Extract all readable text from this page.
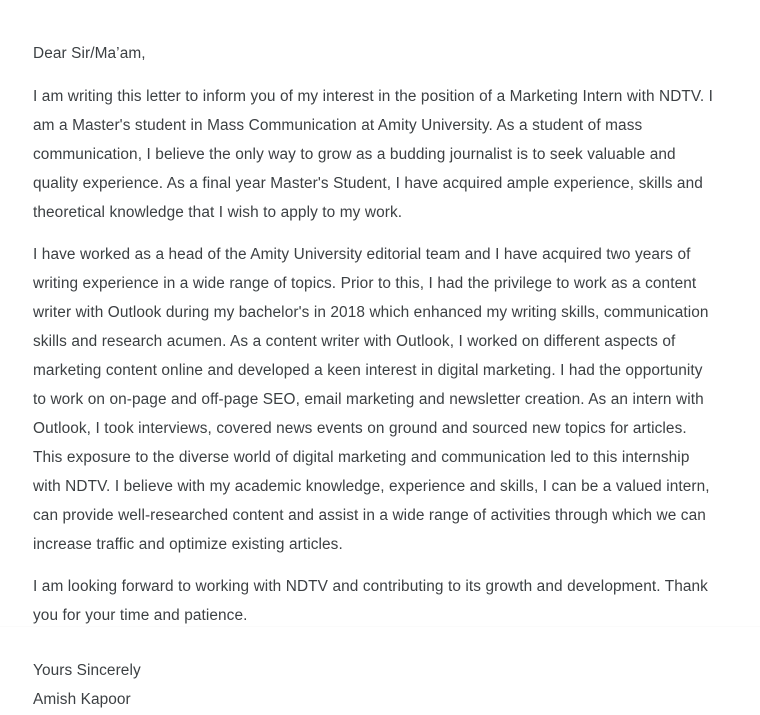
Dear Sir/Ma’am,

I am writing this letter to inform you of my interest in the position of a Marketing Intern with NDTV. I am a Master's student in Mass Communication at Amity University. As a student of mass communication, I believe the only way to grow as a budding journalist is to seek valuable and quality experience. As a final year Master's Student, I have acquired ample experience, skills and  theoretical knowledge that I wish to apply to my work.

I have worked as a head of the Amity University editorial team and I have acquired two years of writing experience in a wide range of topics. Prior to this, I had the privilege to work as a content writer with Outlook during my bachelor's in 2018 which enhanced my writing skills, communication skills and research acumen. As a content writer with Outlook, I worked on different aspects of marketing content online and developed a keen interest in digital marketing. I had the opportunity to work on on-page and off-page SEO, email marketing and newsletter creation. As an intern with Outlook, I took interviews, covered news events on ground and sourced new topics for articles. This exposure to the diverse world of digital marketing and communication led to this internship with NDTV. I believe with my academic knowledge, experience and skills, I can be a valued intern, can provide well-researched content and assist in a wide range of activities through which we can increase traffic and optimize existing articles.

I am looking forward to working with NDTV and contributing to its growth and development. Thank you for your time and patience.

Yours Sincerely
Amish Kapoor
